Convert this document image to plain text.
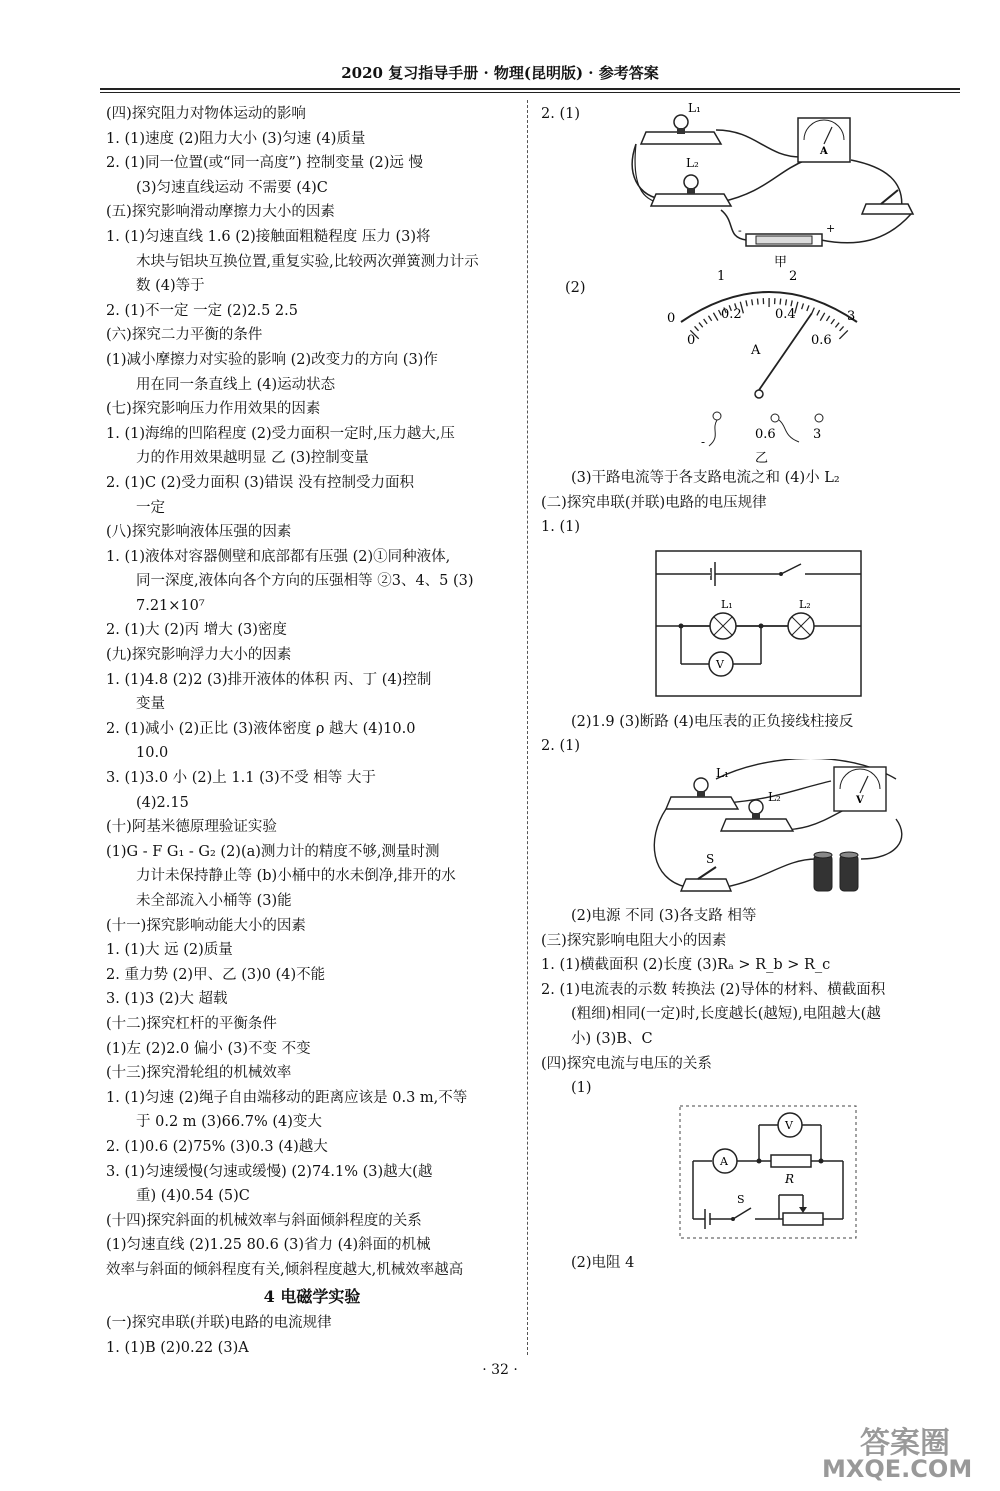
2020 复习指导手册 · 物理(昆明版) · 参考答案
(四)探究阻力对物体运动的影响
1. (1)速度 (2)阻力大小 (3)匀速 (4)质量
2. (1)同一位置(或“同一高度”) 控制变量 (2)远 慢
(3)匀速直线运动 不需要 (4)C
(五)探究影响滑动摩擦力大小的因素
1. (1)匀速直线 1.6 (2)接触面粗糙程度 压力 (3)将
木块与铝块互换位置,重复实验,比较两次弹簧测力计示
数 (4)等于
2. (1)不一定 一定 (2)2.5 2.5
(六)探究二力平衡的条件
(1)减小摩擦力对实验的影响 (2)改变力的方向 (3)作
用在同一条直线上 (4)运动状态
(七)探究影响压力作用效果的因素
1. (1)海绵的凹陷程度 (2)受力面积一定时,压力越大,压
力的作用效果越明显 乙 (3)控制变量
2. (1)C (2)受力面积 (3)错误 没有控制受力面积
一定
(八)探究影响液体压强的因素
1. (1)液体对容器侧壁和底部都有压强 (2)①同种液体,
同一深度,液体向各个方向的压强相等 ②3、4、5 (3)
7.21×10⁷
2. (1)大 (2)丙 增大 (3)密度
(九)探究影响浮力大小的因素
1. (1)4.8 (2)2 (3)排开液体的体积 丙、丁 (4)控制
变量
2. (1)减小 (2)正比 (3)液体密度 ρ 越大 (4)10.0
10.0
3. (1)3.0 小 (2)上 1.1 (3)不受 相等 大于
(4)2.15
(十)阿基米德原理验证实验
(1)G - F G₁ - G₂ (2)(a)测力计的精度不够,测量时测
力计未保持静止等 (b)小桶中的水未倒净,排开的水
未全部流入小桶等 (3)能
(十一)探究影响动能大小的因素
1. (1)大 远 (2)质量
2. 重力势 (2)甲、乙 (3)0 (4)不能
3. (1)3 (2)大 超载
(十二)探究杠杆的平衡条件
(1)左 (2)2.0 偏小 (3)不变 不变
(十三)探究滑轮组的机械效率
1. (1)匀速 (2)绳子自由端移动的距离应该是 0.3 m,不等
于 0.2 m (3)66.7% (4)变大
2. (1)0.6 (2)75% (3)0.3 (4)越大
3. (1)匀速缓慢(匀速或缓慢) (2)74.1% (3)越大(越
重) (4)0.54 (5)C
(十四)探究斜面的机械效率与斜面倾斜程度的关系
(1)匀速直线 (2)1.25 80.6 (3)省力 (4)斜面的机械
效率与斜面的倾斜程度有关,倾斜程度越大,机械效率越高
4 电磁学实验
(一)探究串联(并联)电路的电流规律
1. (1)B (2)0.22 (3)A
2. (1)	L₁
L₂
A
-	+
甲
(2)
0
1	2
3
0
0.2	0.4
0.6
A
-	0.6	3
乙
(3)干路电流等于各支路电流之和 (4)小 L₂
(二)探究串联(并联)电路的电压规律
1. (1)
L₁	L₂
V
(2)1.9 (3)断路 (4)电压表的正负接线柱接反
2. (1)
L₁
L₂	V
S
(2)电源 不同 (3)各支路 相等
(三)探究影响电阻大小的因素
1. (1)横截面积 (2)长度 (3)Rₐ > R_b > R_c
2. (1)电流表的示数 转换法 (2)导体的材料、横截面积
(粗细)相同(一定)时,长度越长(越短),电阻越大(越
小) (3)B、C
(四)探究电流与电压的关系
(1)
A
R
V
S
(2)电阻 4
· 32 ·
答案圈
MXQE.COM
